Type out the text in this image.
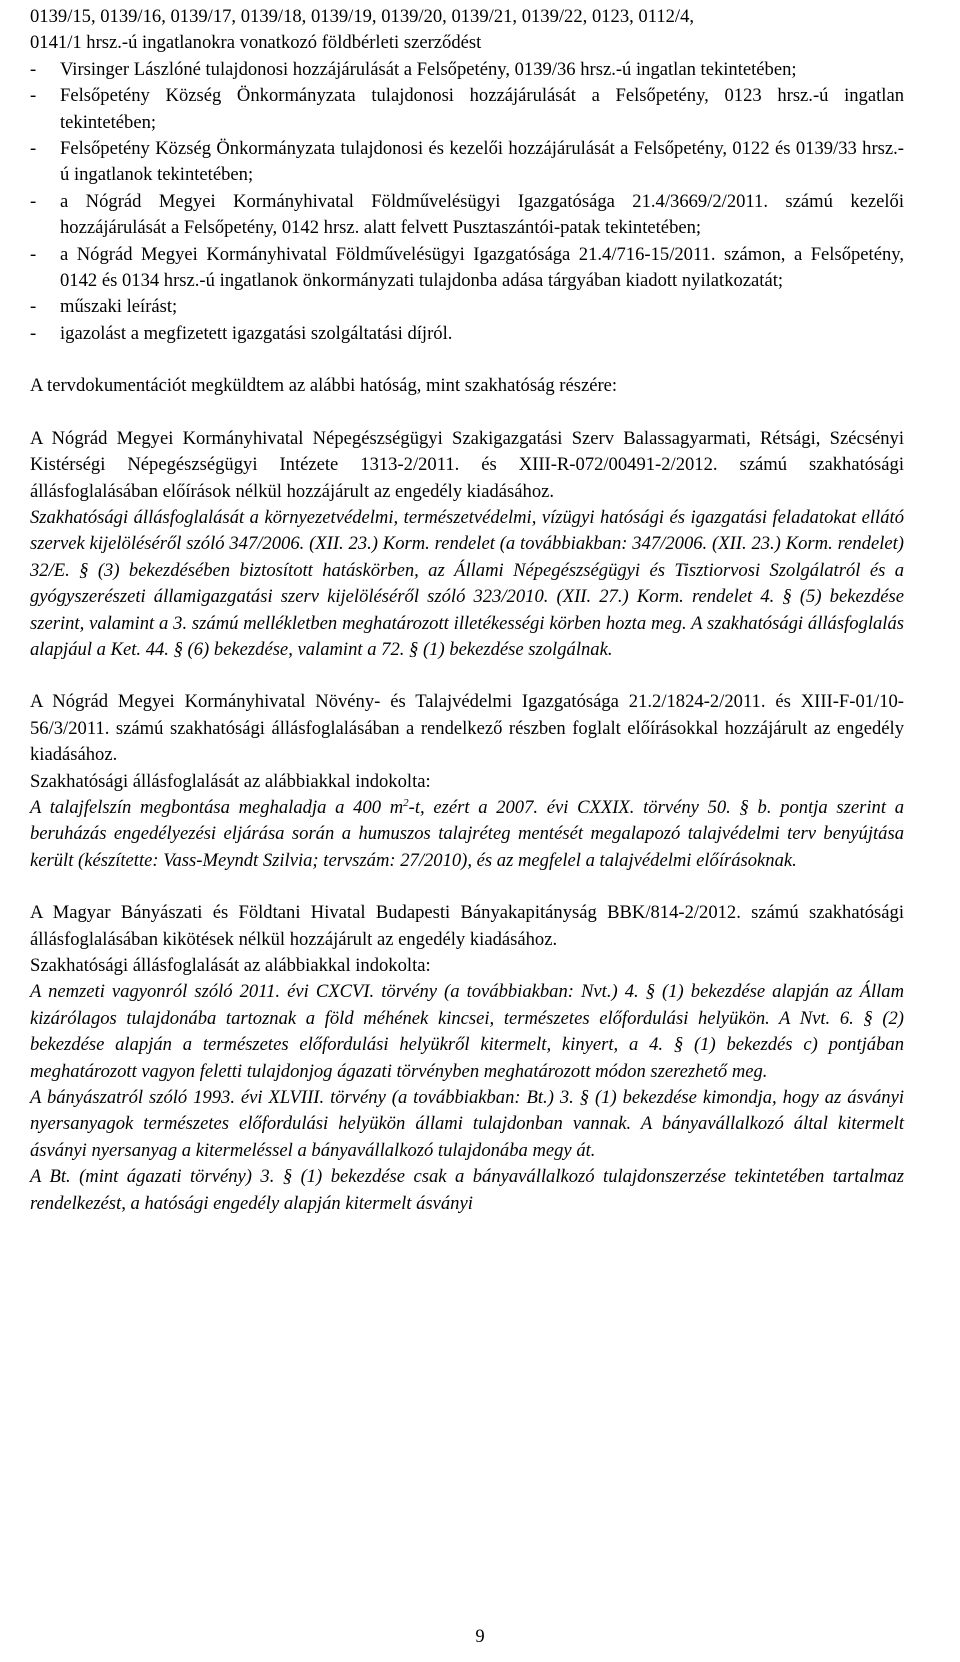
0139/15, 0139/16, 0139/17, 0139/18, 0139/19, 0139/20, 0139/21, 0139/22, 0123, 0112/4,

0141/1 hrsz.-ú ingatlanokra vonatkozó földbérleti szerződést

-	Virsinger Lászlóné tulajdonosi hozzájárulását a Felsőpetény, 0139/36 hrsz.-ú ingatlan tekintetében;
-	Felsőpetény Község Önkormányzata tulajdonosi hozzájárulását a Felsőpetény, 0123 hrsz.-ú ingatlan tekintetében;
-	Felsőpetény Község Önkormányzata tulajdonosi és kezelői hozzájárulását a Felsőpetény, 0122 és 0139/33 hrsz.-ú ingatlanok tekintetében;
-	a Nógrád Megyei Kormányhivatal Földművelésügyi Igazgatósága 21.4/3669/2/2011. számú kezelői hozzájárulását a Felsőpetény, 0142 hrsz. alatt felvett Pusztaszántói-patak tekintetében;
-	a Nógrád Megyei Kormányhivatal Földművelésügyi Igazgatósága 21.4/716-15/2011. számon, a Felsőpetény, 0142 és 0134 hrsz.-ú ingatlanok önkormányzati tulajdonba adása tárgyában kiadott nyilatkozatát;
-	műszaki leírást;
-	igazolást a megfizetett igazgatási szolgáltatási díjról.

A tervdokumentációt megküldtem az alábbi hatóság, mint szakhatóság részére:

A Nógrád Megyei Kormányhivatal Népegészségügyi Szakigazgatási Szerv Balassagyarmati, Rétsági, Szécsényi Kistérségi Népegészségügyi Intézete 1313-2/2011. és XIII-R-072/00491-2/2012. számú szakhatósági állásfoglalásában előírások nélkül hozzájárult az engedély kiadásához.

Szakhatósági állásfoglalását a környezetvédelmi, természetvédelmi, vízügyi hatósági és igazgatási feladatokat ellátó szervek kijelöléséről szóló 347/2006. (XII. 23.) Korm. rendelet (a továbbiakban: 347/2006. (XII. 23.) Korm. rendelet) 32/E. § (3) bekezdésében biztosított hatáskörben, az Állami Népegészségügyi és Tisztiorvosi Szolgálatról és a gyógyszerészeti államigazgatási szerv kijelöléséről szóló 323/2010. (XII. 27.) Korm. rendelet 4. § (5) bekezdése szerint, valamint a 3. számú mellékletben meghatározott illetékességi körben hozta meg. A szakhatósági állásfoglalás alapjául a Ket. 44. § (6) bekezdése, valamint a 72. § (1) bekezdése szolgálnak.

A Nógrád Megyei Kormányhivatal Növény- és Talajvédelmi Igazgatósága 21.2/1824-2/2011. és XIII-F-01/10-56/3/2011. számú szakhatósági állásfoglalásában a rendelkező részben foglalt előírásokkal hozzájárult az engedély kiadásához.

Szakhatósági állásfoglalását az alábbiakkal indokolta:

A talajfelszín megbontása meghaladja a 400 $m^2-t$, ezért a 2007. évi CXXIX. törvény 50. § b. pontja szerint a beruházás engedélyezési eljárása során a humuszos talajréteg mentését megalapozó talajvédelmi terv benyújtása került (készítette: Vass-Meyndt Szilvia; tervszám: 27/2010), és az megfelel a talajvédelmi előírásoknak.

A Magyar Bányászati és Földtani Hivatal Budapesti Bányakapitányság BBK/814-2/2012. számú szakhatósági állásfoglalásában kikötések nélkül hozzájárult az engedély kiadásához.

Szakhatósági állásfoglalását az alábbiakkal indokolta:

A nemzeti vagyonról szóló 2011. évi CXCVI. törvény (a továbbiakban: Nvt.) 4. § (1) bekezdése alapján az Állam kizárólagos tulajdonába tartoznak a föld méhének kincsei, természetes előfordulási helyükön. A Nvt. 6. § (2) bekezdése alapján a természetes előfordulási helyükről kitermelt, kinyert, a 4. § (1) bekezdés c) pontjában meghatározott vagyon feletti tulajdonjog ágazati törvényben meghatározott módon szerezhető meg.

A bányászatról szóló 1993. évi XLVIII. törvény (a továbbiakban: Bt.) 3. § (1) bekezdése kimondja, hogy az ásványi nyersanyagok természetes előfordulási helyükön állami tulajdonban vannak. A bányavállalkozó által kitermelt ásványi nyersanyag a kitermeléssel a bányavállalkozó tulajdonába megy át.

A Bt. (mint ágazati törvény) 3. § (1) bekezdése csak a bányavállalkozó tulajdonszerzése tekintetében tartalmaz rendelkezést, a hatósági engedély alapján kitermelt ásványi

9
